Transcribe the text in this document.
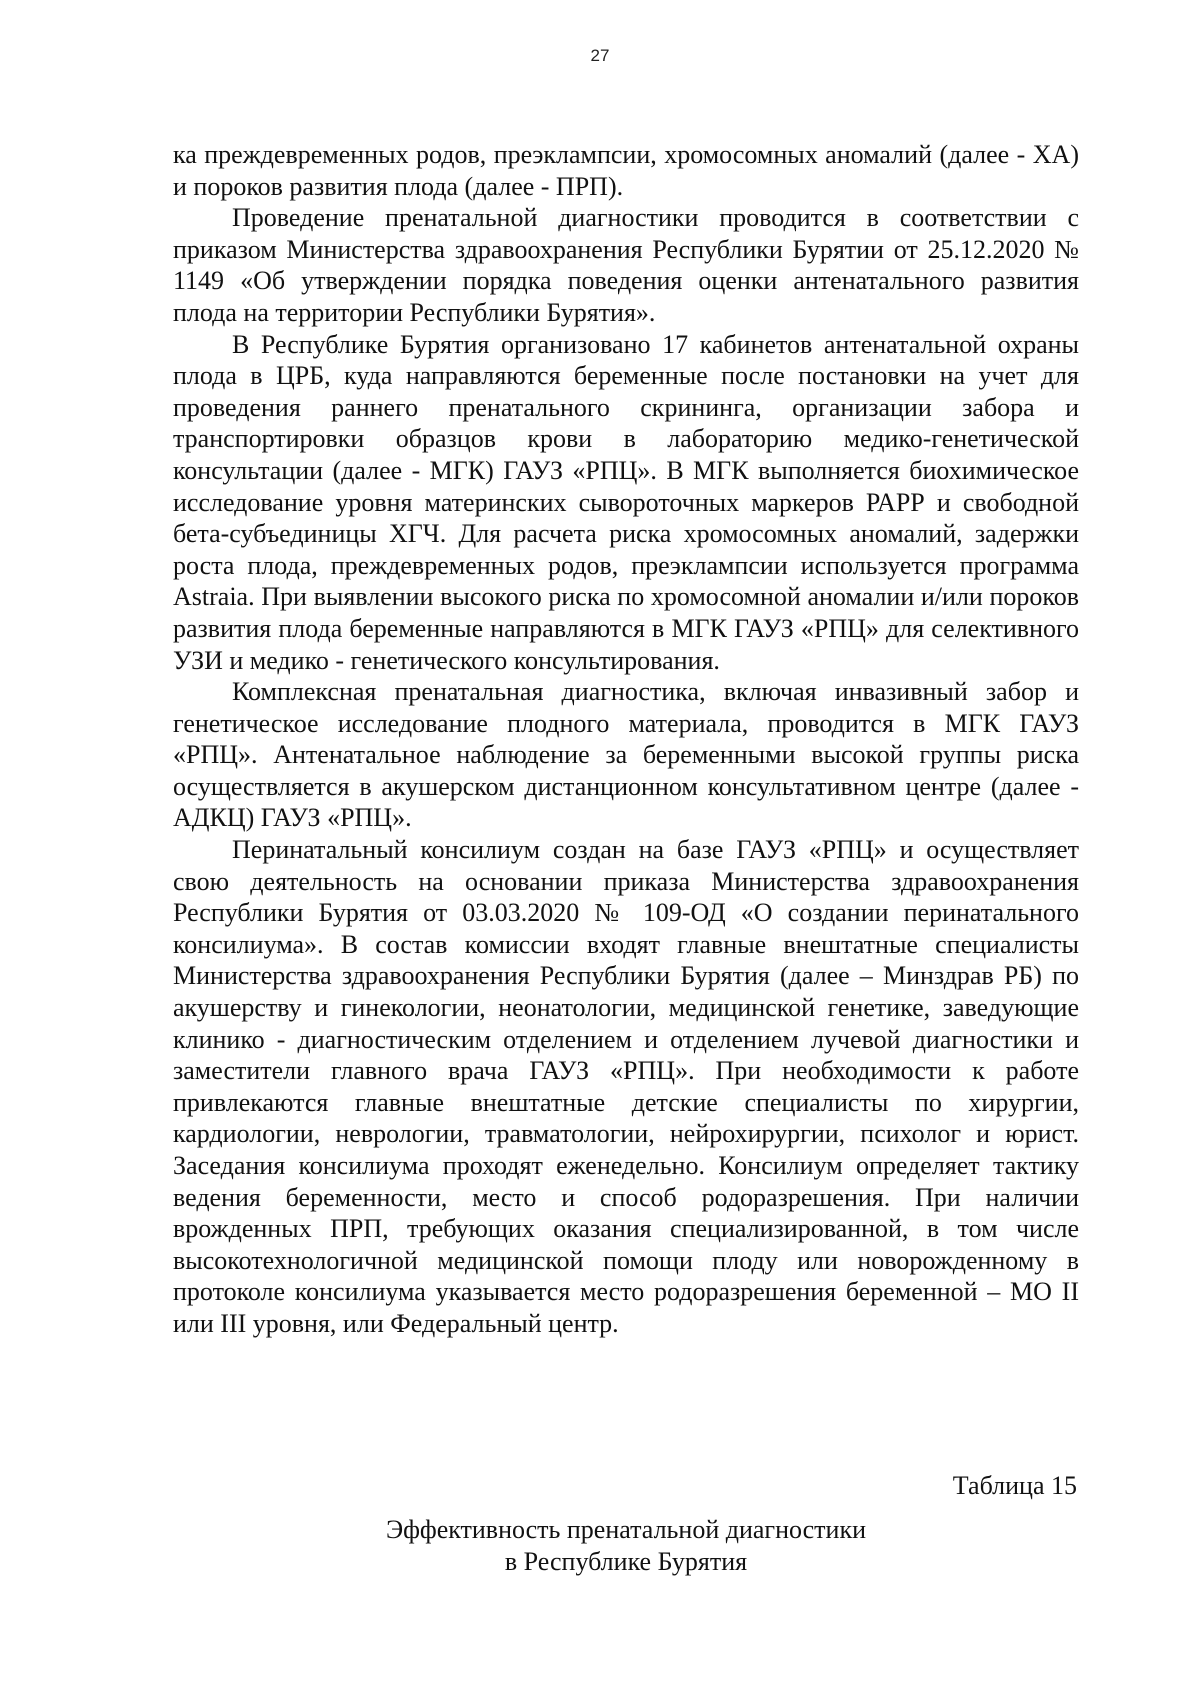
27

ка преждевременных родов, преэклампсии, хромосомных аномалий (далее - ХА) и пороков развития плода (далее - ПРП).

Проведение пренатальной диагностики проводится в соответствии с приказом Министерства здравоохранения Республики Бурятии от 25.12.2020 № 1149 «Об утверждении порядка поведения оценки антенатального развития плода на территории Республики Бурятия».

В Республике Бурятия организовано 17 кабинетов антенатальной охраны плода в ЦРБ, куда направляются беременные после постановки на учет для проведения раннего пренатального скрининга, организации забора и транспортировки образцов крови в лабораторию медико-генетической консультации (далее - МГК) ГАУЗ «РПЦ». В МГК выполняется биохимическое исследование уровня материнских сывороточных маркеров РАРР и свободной бета-субъединицы ХГЧ. Для расчета риска хромосомных аномалий, задержки роста плода, преждевременных родов, преэклампсии используется программа Astraia. При выявлении высокого риска по хромосомной аномалии и/или пороков развития плода беременные направляются в МГК ГАУЗ «РПЦ» для селективного УЗИ и медико - генетического консультирования.

Комплексная пренатальная диагностика, включая инвазивный забор и генетическое исследование плодного материала, проводится в МГК ГАУЗ «РПЦ». Антенатальное наблюдение за беременными высокой группы риска осуществляется в акушерском дистанционном консультативном центре (далее - АДКЦ) ГАУЗ «РПЦ».

Перинатальный консилиум создан на базе ГАУЗ «РПЦ» и осуществляет свою деятельность на основании приказа Министерства здравоохранения Республики Бурятия от 03.03.2020 № 109-ОД «О создании перинатального консилиума». В состав комиссии входят главные внештатные специалисты Министерства здравоохранения Республики Бурятия (далее – Минздрав РБ) по акушерству и гинекологии, неонатологии, медицинской генетике, заведующие клинико - диагностическим отделением и отделением лучевой диагностики и заместители главного врача ГАУЗ «РПЦ». При необходимости к работе привлекаются главные внештатные детские специалисты по хирургии, кардиологии, неврологии, травматологии, нейрохирургии, психолог и юрист. Заседания консилиума проходят еженедельно. Консилиум определяет тактику ведения беременности, место и способ родоразрешения. При наличии врожденных ПРП, требующих оказания специализированной, в том числе высокотехнологичной медицинской помощи плоду или новорожденному в протоколе консилиума указывается место родоразрешения беременной – МО II или III уровня, или Федеральный центр.

Таблица 15
Эффективность пренатальной диагностики
в Республике Бурятия
